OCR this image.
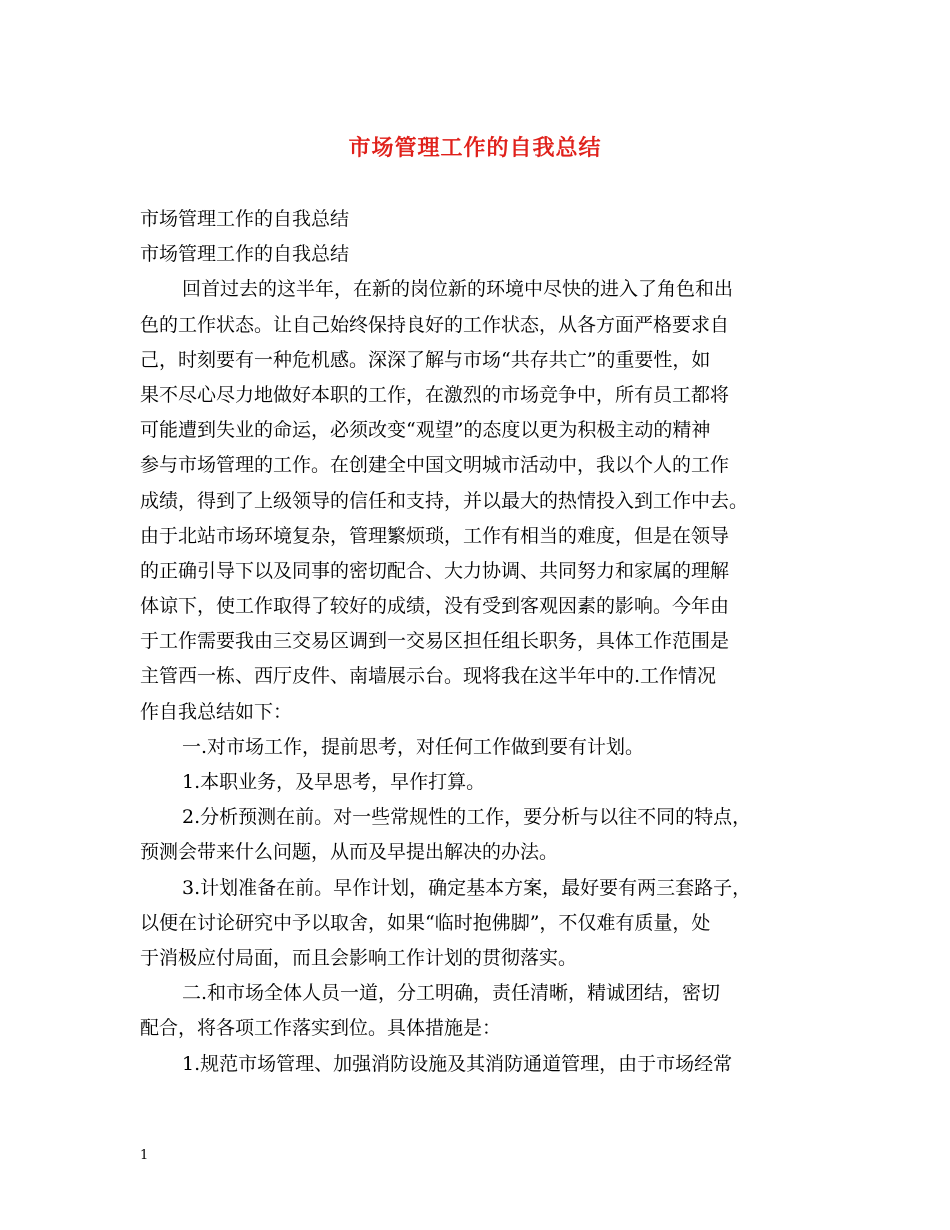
市场管理工作的自我总结
市场管理工作的自我总结
市场管理工作的自我总结
回首过去的这半年，在新的岗位新的环境中尽快的进入了角色和出
色的工作状态。让自己始终保持良好的工作状态，从各方面严格要求自
己，时刻要有一种危机感。深深了解与市场“共存共亡”的重要性，如
果不尽心尽力地做好本职的工作，在激烈的市场竞争中，所有员工都将
可能遭到失业的命运，必须改变“观望”的态度以更为积极主动的精神
参与市场管理的工作。在创建全中国文明城市活动中，我以个人的工作
成绩，得到了上级领导的信任和支持，并以最大的热情投入到工作中去。
由于北站市场环境复杂，管理繁烦琐，工作有相当的难度，但是在领导
的正确引导下以及同事的密切配合、大力协调、共同努力和家属的理解
体谅下，使工作取得了较好的成绩，没有受到客观因素的影响。今年由
于工作需要我由三交易区调到一交易区担任组长职务，具体工作范围是
主管西一栋、西厅皮件、南墙展示台。现将我在这半年中的.工作情况
作自我总结如下：
一.对市场工作，提前思考，对任何工作做到要有计划。
1.本职业务，及早思考，早作打算。
2.分析预测在前。对一些常规性的工作，要分析与以往不同的特点，
预测会带来什么问题，从而及早提出解决的办法。
3.计划准备在前。早作计划，确定基本方案，最好要有两三套路子，
以便在讨论研究中予以取舍，如果“临时抱佛脚”，不仅难有质量，处
于消极应付局面，而且会影响工作计划的贯彻落实。
二.和市场全体人员一道，分工明确，责任清晰，精诚团结，密切
配合，将各项工作落实到位。具体措施是：
1.规范市场管理、加强消防设施及其消防通道管理，由于市场经常
1
